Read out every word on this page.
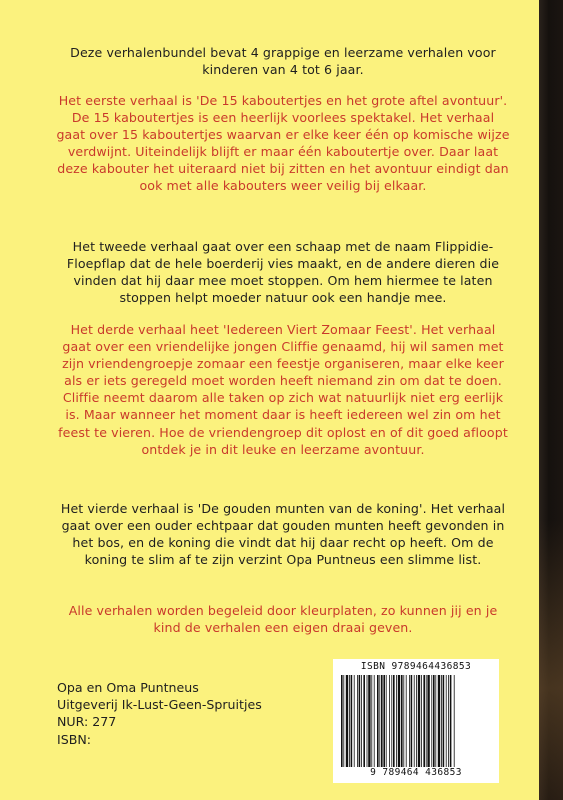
Deze verhalenbundel bevat 4 grappige en leerzame verhalen voor kinderen van 4 tot 6 jaar.

Het eerste verhaal is 'De 15 kaboutertjes en het grote aftel avontuur'. De 15 kaboutertjes is een heerlijk voorlees spektakel. Het verhaal gaat over 15 kaboutertjes waarvan er elke keer één op komische wijze verdwijnt. Uiteindelijk blijft er maar één kaboutertje over. Daar laat deze kabouter het uiteraard niet bij zitten en het avontuur eindigt dan ook met alle kabouters weer veilig bij elkaar.

Het tweede verhaal gaat over een schaap met de naam Flippidie-Floepflap dat de hele boerderij vies maakt, en de andere dieren die vinden dat hij daar mee moet stoppen. Om hem hiermee te laten stoppen helpt moeder natuur ook een handje mee.

Het derde verhaal heet 'Iedereen Viert Zomaar Feest'. Het verhaal gaat over een vriendelijke jongen Cliffie genaamd, hij wil samen met zijn vriendengroepje zomaar een feestje organiseren, maar elke keer als er iets geregeld moet worden heeft niemand zin om dat te doen. Cliffie neemt daarom alle taken op zich wat natuurlijk niet erg eerlijk is. Maar wanneer het moment daar is heeft iedereen wel zin om het feest te vieren. Hoe de vriendengroep dit oplost en of dit goed afloopt ontdek je in dit leuke en leerzame avontuur.

Het vierde verhaal is 'De gouden munten van de koning'. Het verhaal gaat over een ouder echtpaar dat gouden munten heeft gevonden in het bos, en de koning die vindt dat hij daar recht op heeft. Om de koning te slim af te zijn verzint Opa Puntneus een slimme list.

Alle verhalen worden begeleid door kleurplaten, zo kunnen jij en je kind de verhalen een eigen draai geven.

Opa en Oma Puntneus
Uitgeverij Ik-Lust-Geen-Spruitjes
NUR: 277
ISBN:
ISBN 9789464436853
9 789464 436853
